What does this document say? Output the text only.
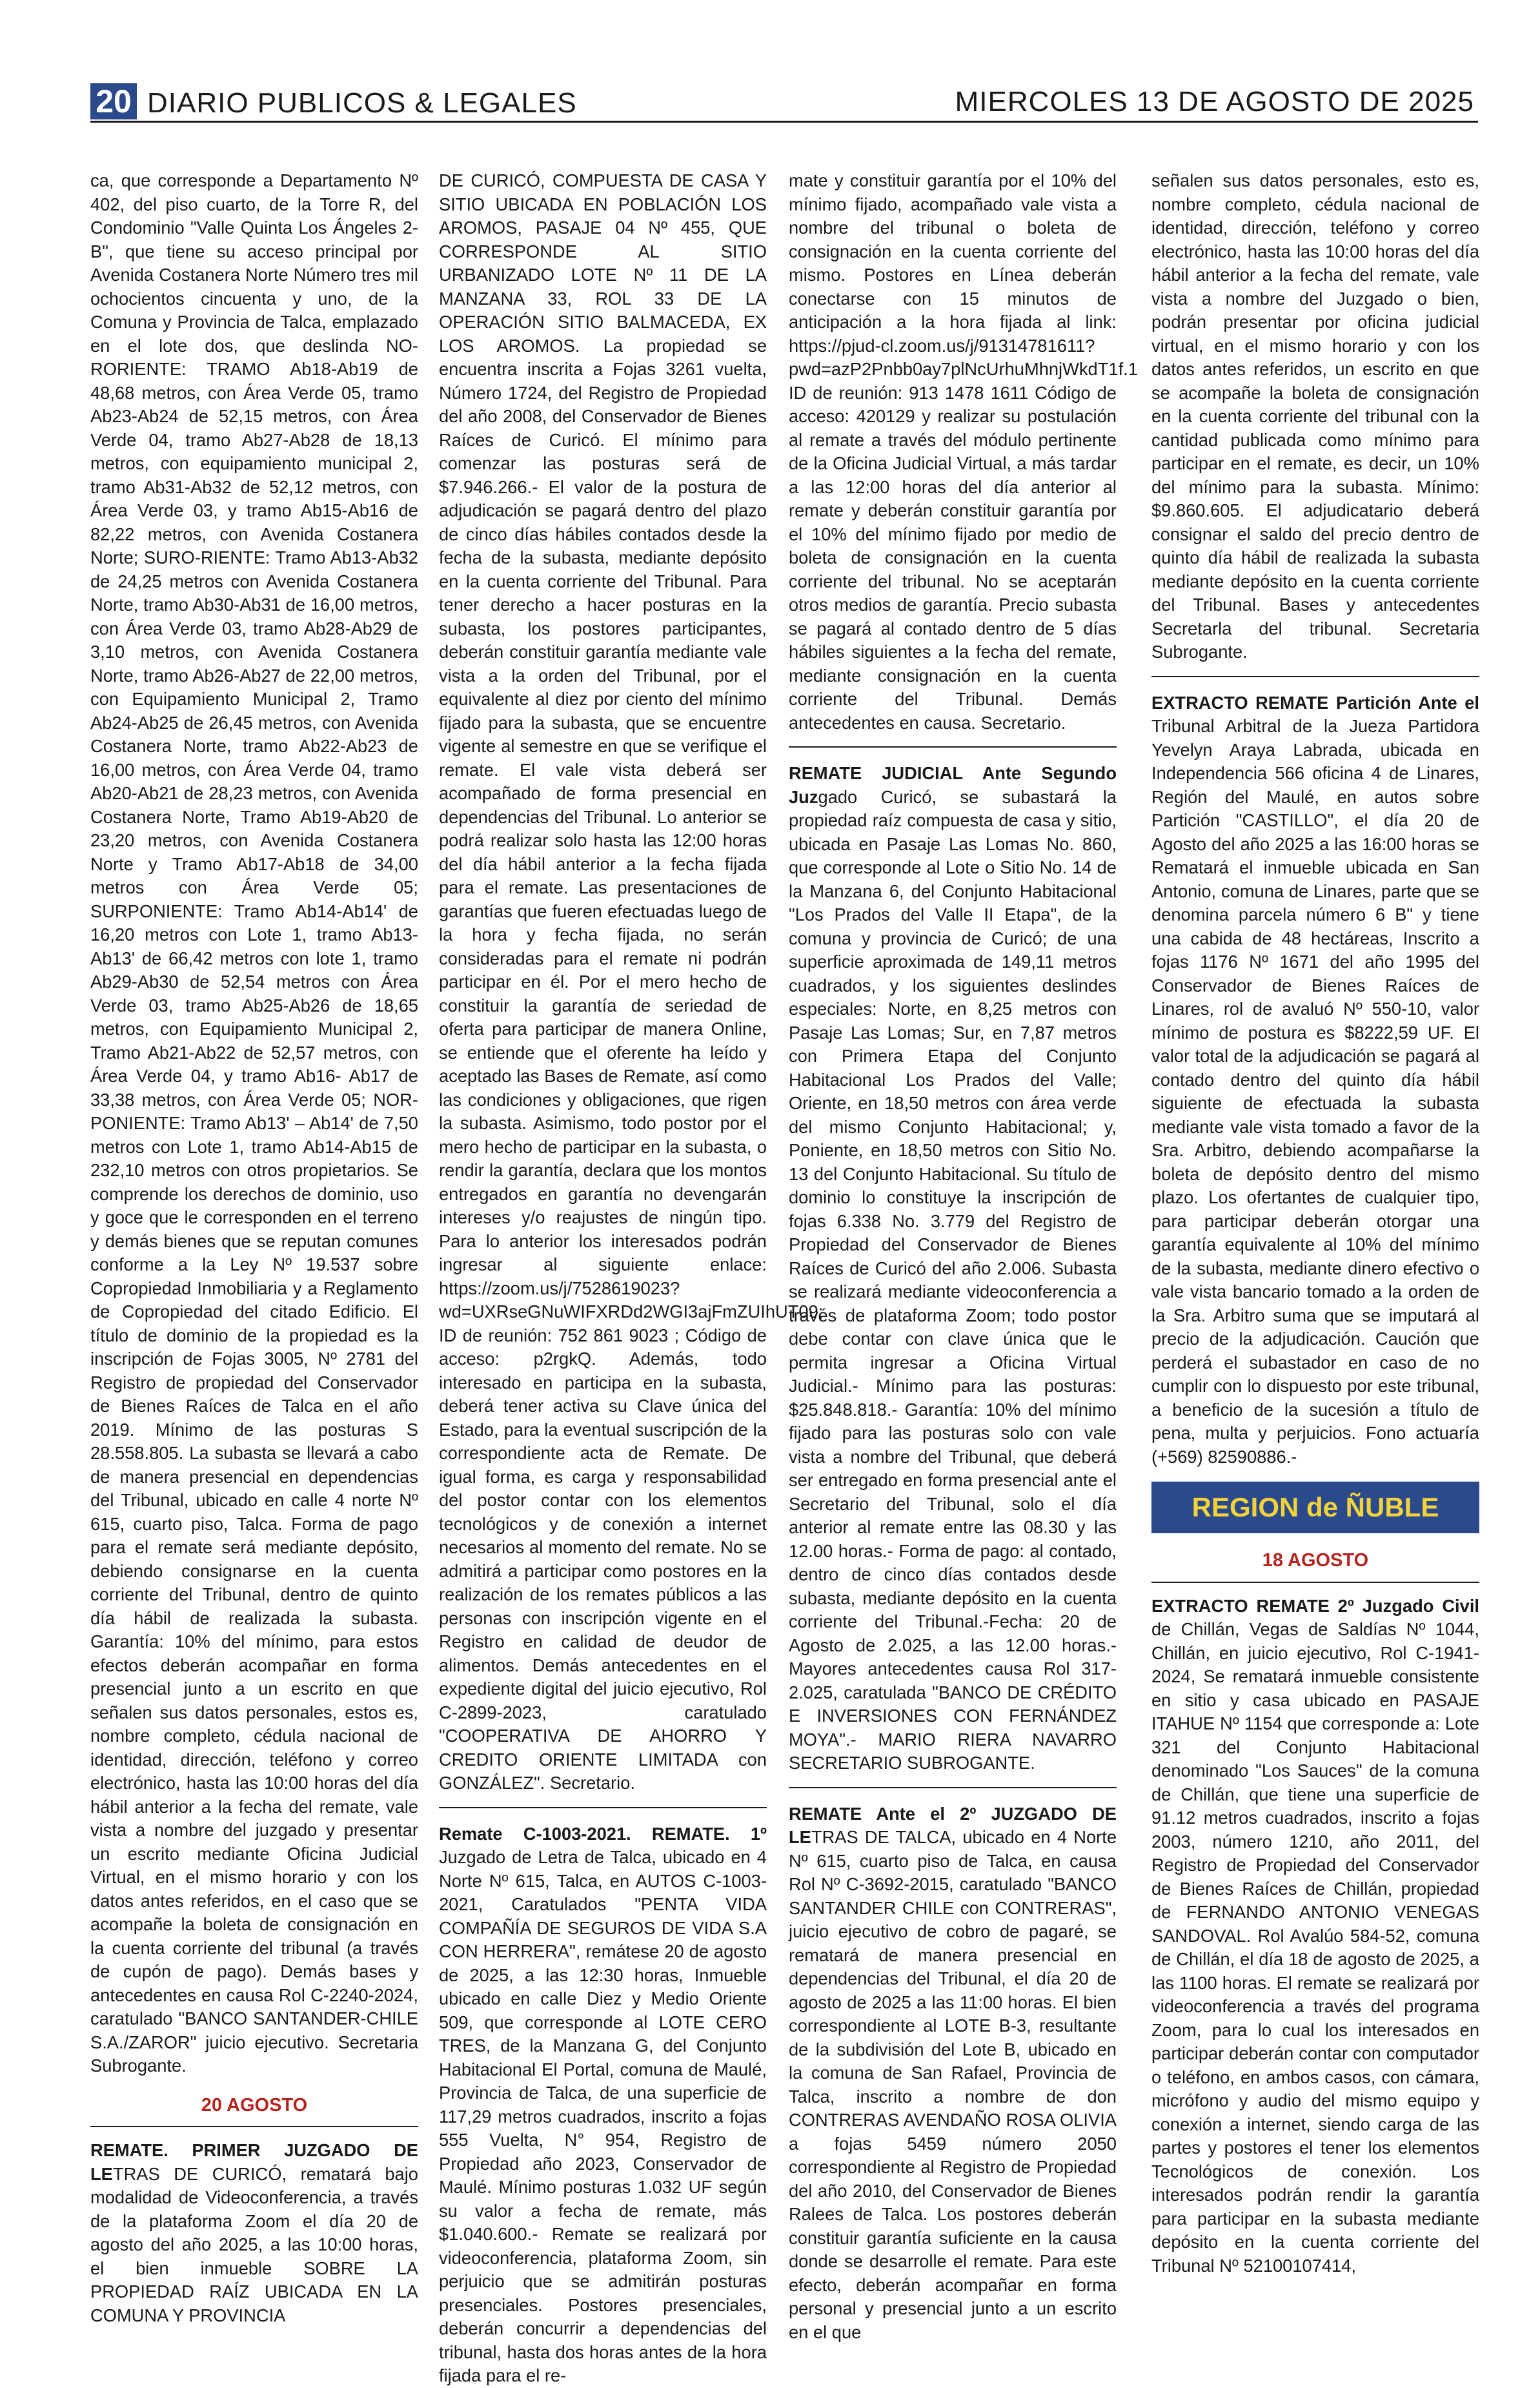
20 DIARIO PUBLICOS & LEGALES	MIERCOLES 13 DE AGOSTO DE 2025

ca, que corresponde a Departamento Nº 402, del piso cuarto, de la Torre R, del Condominio "Valle Quinta Los Ángeles 2-B", que tiene su acceso principal por Avenida Costanera Norte Número tres mil ochocientos cincuenta y uno, de la Comuna y Provincia de Talca, emplazado en el lote dos, que deslinda NO-RORIENTE: TRAMO Ab18-Ab19 de 48,68 metros, con Área Verde 05, tramo Ab23-Ab24 de 52,15 metros, con Área Verde 04, tramo Ab27-Ab28 de 18,13 metros, con equipamiento municipal 2, tramo Ab31-Ab32 de 52,12 metros, con Área Verde 03, y tramo Ab15-Ab16 de 82,22 metros, con Avenida Costanera Norte; SURO-RIENTE: Tramo Ab13-Ab32 de 24,25 metros con Avenida Costanera Norte, tramo Ab30-Ab31 de 16,00 metros, con Área Verde 03, tramo Ab28-Ab29 de 3,10 metros, con Avenida Costanera Norte, tramo Ab26-Ab27 de 22,00 metros, con Equipamiento Municipal 2, Tramo Ab24-Ab25 de 26,45 metros, con Avenida Costanera Norte, tramo Ab22-Ab23 de 16,00 metros, con Área Verde 04, tramo Ab20-Ab21 de 28,23 metros, con Avenida Costanera Norte, Tramo Ab19-Ab20 de 23,20 metros, con Avenida Costanera Norte y Tramo Ab17-Ab18 de 34,00 metros con Área Verde 05; SURPONIENTE: Tramo Ab14-Ab14' de 16,20 metros con Lote 1, tramo Ab13-Ab13' de 66,42 metros con lote 1, tramo Ab29-Ab30 de 52,54 metros con Área Verde 03, tramo Ab25-Ab26 de 18,65 metros, con Equipamiento Municipal 2, Tramo Ab21-Ab22 de 52,57 metros, con Área Verde 04, y tramo Ab16- Ab17 de 33,38 metros, con Área Verde 05; NOR-PONIENTE: Tramo Ab13' – Ab14' de 7,50 metros con Lote 1, tramo Ab14-Ab15 de 232,10 metros con otros propietarios. Se comprende los derechos de dominio, uso y goce que le corresponden en el terreno y demás bienes que se reputan comunes conforme a la Ley Nº 19.537 sobre Copropiedad Inmobiliaria y a Reglamento de Copropiedad del citado Edificio. El título de dominio de la propiedad es la inscripción de Fojas 3005, Nº 2781 del Registro de propiedad del Conservador de Bienes Raíces de Talca en el año 2019. Mínimo de las posturas S 28.558.805. La subasta se llevará a cabo de manera presencial en dependencias del Tribunal, ubicado en calle 4 norte Nº 615, cuarto piso, Talca. Forma de pago para el remate será mediante depósito, debiendo consignarse en la cuenta corriente del Tribunal, dentro de quinto día hábil de realizada la subasta. Garantía: 10% del mínimo, para estos efectos deberán acompañar en forma presencial junto a un escrito en que señalen sus datos personales, estos es, nombre completo, cédula nacional de identidad, dirección, teléfono y correo electrónico, hasta las 10:00 horas del día hábil anterior a la fecha del remate, vale vista a nombre del juzgado y presentar un escrito mediante Oficina Judicial Virtual, en el mismo horario y con los datos antes referidos, en el caso que se acompañe la boleta de consignación en la cuenta corriente del tribunal (a través de cupón de pago). Demás bases y antecedentes en causa Rol C-2240-2024, caratulado "BANCO SANTANDER-CHILE S.A./ZAROR" juicio ejecutivo. Secretaria Subrogante.

20 AGOSTO

REMATE. PRIMER JUZGADO DE LETRAS DE CURICÓ, rematará bajo modalidad de Videoconferencia, a través de la plataforma Zoom el día 20 de agosto del año 2025, a las 10:00 horas, el bien inmueble SOBRE LA PROPIEDAD RAÍZ UBICADA EN LA COMUNA Y PROVINCIA

DE CURICÓ, COMPUESTA DE CASA Y SITIO UBICADA EN POBLACIÓN LOS AROMOS, PASAJE 04 Nº 455, QUE CORRESPONDE AL SITIO URBANIZADO LOTE Nº 11 DE LA MANZANA 33, ROL 33 DE LA OPERACIÓN SITIO BALMACEDA, EX LOS AROMOS. La propiedad se encuentra inscrita a Fojas 3261 vuelta, Número 1724, del Registro de Propiedad del año 2008, del Conservador de Bienes Raíces de Curicó. El mínimo para comenzar las posturas será de $7.946.266.- El valor de la postura de adjudicación se pagará dentro del plazo de cinco días hábiles contados desde la fecha de la subasta, mediante depósito en la cuenta corriente del Tribunal. Para tener derecho a hacer posturas en la subasta, los postores participantes, deberán constituir garantía mediante vale vista a la orden del Tribunal, por el equivalente al diez por ciento del mínimo fijado para la subasta, que se encuentre vigente al semestre en que se verifique el remate. El vale vista deberá ser acompañado de forma presencial en dependencias del Tribunal. Lo anterior se podrá realizar solo hasta las 12:00 horas del día hábil anterior a la fecha fijada para el remate. Las presentaciones de garantías que fueren efectuadas luego de la hora y fecha fijada, no serán consideradas para el remate ni podrán participar en él. Por el mero hecho de constituir la garantía de seriedad de oferta para participar de manera Online, se entiende que el oferente ha leído y aceptado las Bases de Remate, así como las condiciones y obligaciones, que rigen la subasta. Asimismo, todo postor por el mero hecho de participar en la subasta, o rendir la garantía, declara que los montos entregados en garantía no devengarán intereses y/o reajustes de ningún tipo. Para lo anterior los interesados podrán ingresar al siguiente enlace: https://zoom.us/j/7528619023?wd=UXRseGNuWIFXRDd2WGI3ajFmZUIhUT09; ID de reunión: 752 861 9023 ; Código de acceso: p2rgkQ. Además, todo interesado en participa en la subasta, deberá tener activa su Clave única del Estado, para la eventual suscripción de la correspondiente acta de Remate. De igual forma, es carga y responsabilidad del postor contar con los elementos tecnológicos y de conexión a internet necesarios al momento del remate. No se admitirá a participar como postores en la realización de los remates públicos a las personas con inscripción vigente en el Registro en calidad de deudor de alimentos. Demás antecedentes en el expediente digital del juicio ejecutivo, Rol C-2899-2023, caratulado "COOPERATIVA DE AHORRO Y CREDITO ORIENTE LIMITADA con GONZÁLEZ". Secretario.

Remate C-1003-2021. REMATE. 1º Juzgado de Letra de Talca, ubicado en 4 Norte Nº 615, Talca, en AUTOS C-1003-2021, Caratulados "PENTA VIDA COMPAÑÍA DE SEGUROS DE VIDA S.A CON HERRERA", remátese 20 de agosto de 2025, a las 12:30 horas, Inmueble ubicado en calle Diez y Medio Oriente 509, que corresponde al LOTE CERO TRES, de la Manzana G, del Conjunto Habitacional El Portal, comuna de Maulé, Provincia de Talca, de una superficie de 117,29 metros cuadrados, inscrito a fojas 555 Vuelta, N° 954, Registro de Propiedad año 2023, Conservador de Maulé. Mínimo posturas 1.032 UF según su valor a fecha de remate, más $1.040.600.- Remate se realizará por videoconferencia, plataforma Zoom, sin perjuicio que se admitirán posturas presenciales. Postores presenciales, deberán concurrir a dependencias del tribunal, hasta dos horas antes de la hora fijada para el re-

mate y constituir garantía por el 10% del mínimo fijado, acompañado vale vista a nombre del tribunal o boleta de consignación en la cuenta corriente del mismo. Postores en Línea deberán conectarse con 15 minutos de anticipación a la hora fijada al link: https://pjud-cl.zoom.us/j/91314781611?pwd=azP2Pnbb0ay7plNcUrhuMhnjWkdT1f.1 ID de reunión: 913 1478 1611 Código de acceso: 420129 y realizar su postulación al remate a través del módulo pertinente de la Oficina Judicial Virtual, a más tardar a las 12:00 horas del día anterior al remate y deberán constituir garantía por el 10% del mínimo fijado por medio de boleta de consignación en la cuenta corriente del tribunal. No se aceptarán otros medios de garantía. Precio subasta se pagará al contado dentro de 5 días hábiles siguientes a la fecha del remate, mediante consignación en la cuenta corriente del Tribunal. Demás antecedentes en causa. Secretario.

REMATE JUDICIAL Ante Segundo Juzgado Curicó, se subastará la propiedad raíz compuesta de casa y sitio, ubicada en Pasaje Las Lomas No. 860, que corresponde al Lote o Sitio No. 14 de la Manzana 6, del Conjunto Habitacional "Los Prados del Valle II Etapa", de la comuna y provincia de Curicó; de una superficie aproximada de 149,11 metros cuadrados, y los siguientes deslindes especiales: Norte, en 8,25 metros con Pasaje Las Lomas; Sur, en 7,87 metros con Primera Etapa del Conjunto Habitacional Los Prados del Valle; Oriente, en 18,50 metros con área verde del mismo Conjunto Habitacional; y, Poniente, en 18,50 metros con Sitio No. 13 del Conjunto Habitacional. Su título de dominio lo constituye la inscripción de fojas 6.338 No. 3.779 del Registro de Propiedad del Conservador de Bienes Raíces de Curicó del año 2.006. Subasta se realizará mediante videoconferencia a través de plataforma Zoom; todo postor debe contar con clave única que le permita ingresar a Oficina Virtual Judicial.- Mínimo para las posturas: $25.848.818.- Garantía: 10% del mínimo fijado para las posturas solo con vale vista a nombre del Tribunal, que deberá ser entregado en forma presencial ante el Secretario del Tribunal, solo el día anterior al remate entre las 08.30 y las 12.00 horas.- Forma de pago: al contado, dentro de cinco días contados desde subasta, mediante depósito en la cuenta corriente del Tribunal.-Fecha: 20 de Agosto de 2.025, a las 12.00 horas.- Mayores antecedentes causa Rol 317-2.025, caratulada "BANCO DE CRÉDITO E INVERSIONES CON FERNÁNDEZ MOYA".- MARIO RIERA NAVARRO SECRETARIO SUBROGANTE.

REMATE Ante el 2º JUZGADO DE LETRAS DE TALCA, ubicado en 4 Norte Nº 615, cuarto piso de Talca, en causa Rol Nº C-3692-2015, caratulado "BANCO SANTANDER CHILE con CONTRERAS", juicio ejecutivo de cobro de pagaré, se rematará de manera presencial en dependencias del Tribunal, el día 20 de agosto de 2025 a las 11:00 horas. El bien correspondiente al LOTE B-3, resultante de la subdivisión del Lote B, ubicado en la comuna de San Rafael, Provincia de Talca, inscrito a nombre de don CONTRERAS AVENDAÑO ROSA OLIVIA a fojas 5459 número 2050 correspondiente al Registro de Propiedad del año 2010, del Conservador de Bienes Ralees de Talca. Los postores deberán constituir garantía suficiente en la causa donde se desarrolle el remate. Para este efecto, deberán acompañar en forma personal y presencial junto a un escrito en el que

señalen sus datos personales, esto es, nombre completo, cédula nacional de identidad, dirección, teléfono y correo electrónico, hasta las 10:00 horas del día hábil anterior a la fecha del remate, vale vista a nombre del Juzgado o bien, podrán presentar por oficina judicial virtual, en el mismo horario y con los datos antes referidos, un escrito en que se acompañe la boleta de consignación en la cuenta corriente del tribunal con la cantidad publicada como mínimo para participar en el remate, es decir, un 10% del mínimo para la subasta. Mínimo: $9.860.605. El adjudicatario deberá consignar el saldo del precio dentro de quinto día hábil de realizada la subasta mediante depósito en la cuenta corriente del Tribunal. Bases y antecedentes Secretarla del tribunal. Secretaria Subrogante.

EXTRACTO REMATE Partición Ante el Tribunal Arbitral de la Jueza Partidora Yevelyn Araya Labrada, ubicada en Independencia 566 oficina 4 de Linares, Región del Maulé, en autos sobre Partición "CASTILLO", el día 20 de Agosto del año 2025 a las 16:00 horas se Rematará el inmueble ubicada en San Antonio, comuna de Linares, parte que se denomina parcela número 6 B" y tiene una cabida de 48 hectáreas, Inscrito a fojas 1176 Nº 1671 del año 1995 del Conservador de Bienes Raíces de Linares, rol de avaluó Nº 550-10, valor mínimo de postura es $8222,59 UF. El valor total de la adjudicación se pagará al contado dentro del quinto día hábil siguiente de efectuada la subasta mediante vale vista tomado a favor de la Sra. Arbitro, debiendo acompañarse la boleta de depósito dentro del mismo plazo. Los ofertantes de cualquier tipo, para participar deberán otorgar una garantía equivalente al 10% del mínimo de la subasta, mediante dinero efectivo o vale vista bancario tomado a la orden de la Sra. Arbitro suma que se imputará al precio de la adjudicación. Caución que perderá el subastador en caso de no cumplir con lo dispuesto por este tribunal, a beneficio de la sucesión a título de pena, multa y perjuicios. Fono actuaría (+569) 82590886.-

REGION de ÑUBLE
18 AGOSTO

EXTRACTO REMATE 2º Juzgado Civil de Chillán, Vegas de Saldías Nº 1044, Chillán, en juicio ejecutivo, Rol C-1941-2024, Se rematará inmueble consistente en sitio y casa ubicado en PASAJE ITAHUE Nº 1154 que corresponde a: Lote 321 del Conjunto Habitacional denominado "Los Sauces" de la comuna de Chillán, que tiene una superficie de 91.12 metros cuadrados, inscrito a fojas 2003, número 1210, año 2011, del Registro de Propiedad del Conservador de Bienes Raíces de Chillán, propiedad de FERNANDO ANTONIO VENEGAS SANDOVAL. Rol Avalúo 584-52, comuna de Chillán, el día 18 de agosto de 2025, a las 1100 horas. El remate se realizará por videoconferencia a través del programa Zoom, para lo cual los interesados en participar deberán contar con computador o teléfono, en ambos casos, con cámara, micrófono y audio del mismo equipo y conexión a internet, siendo carga de las partes y postores el tener los elementos Tecnológicos de conexión. Los interesados podrán rendir la garantía para participar en la subasta mediante depósito en la cuenta corriente del Tribunal Nº 52100107414,
